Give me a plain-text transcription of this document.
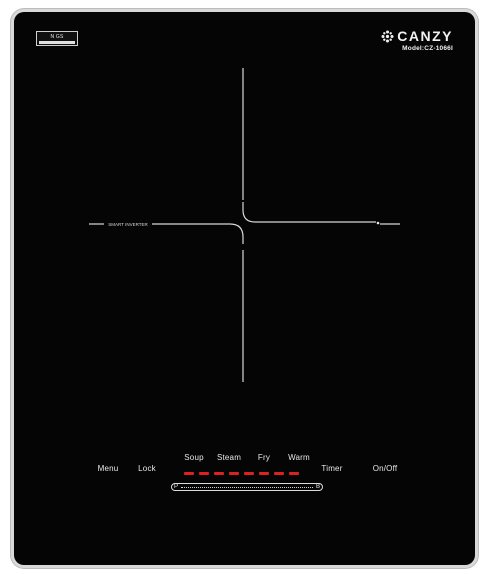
N GS	CANZY
Model:CZ-1066I
SMART INVERTER
Menu Lock
Soup Steam Fry Warm
P	B
Timer	On/Off
